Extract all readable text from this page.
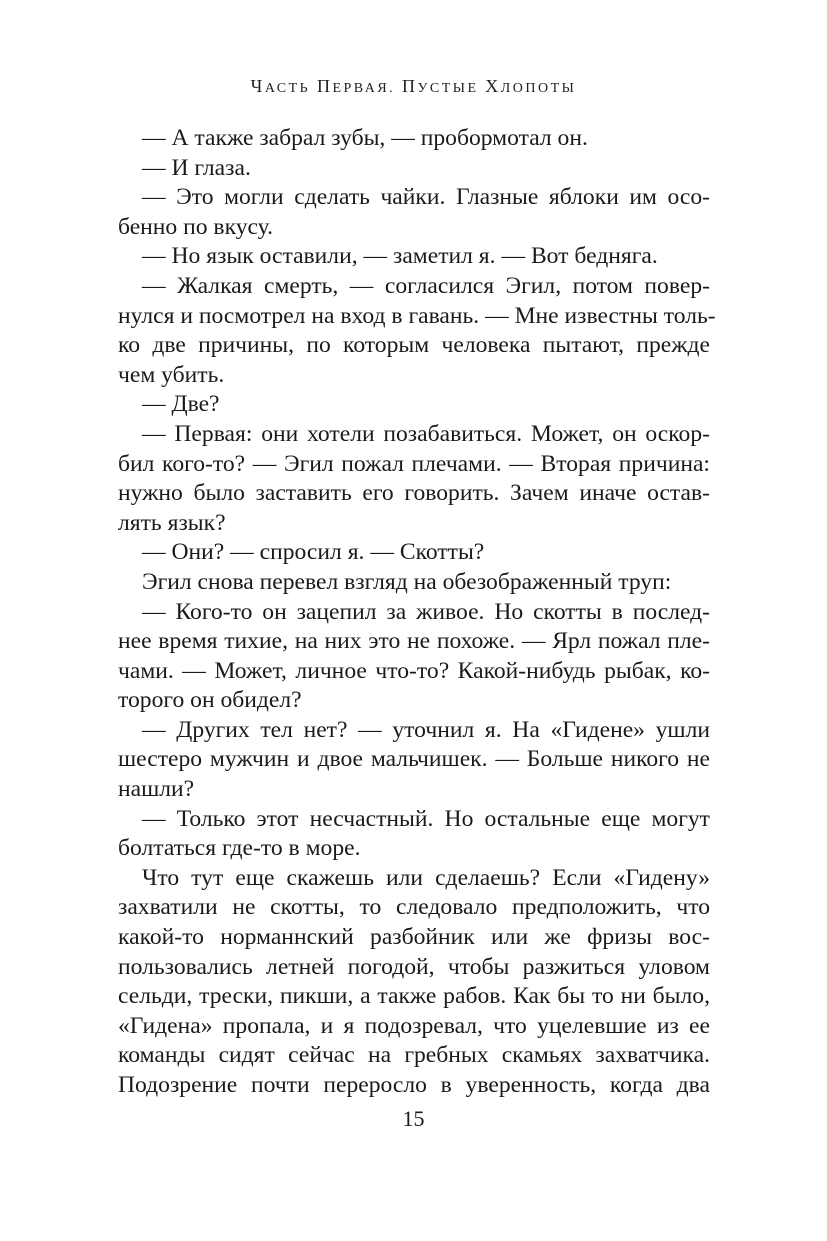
ЧАСТЬ ПЕРВАЯ. ПУСТЫЕ ХЛОПОТЫ
— А также забрал зубы, — пробормотал он.
— И глаза.
— Это могли сделать чайки. Глазные яблоки им осо-
бенно по вкусу.
— Но язык оставили, — заметил я. — Вот бедняга.
— Жалкая смерть, — согласился Эгил, потом повер-
нулся и посмотрел на вход в гавань. — Мне известны толь-
ко две причины, по которым человека пытают, прежде
чем убить.
— Две?
— Первая: они хотели позабавиться. Может, он оскор-
бил кого-то? — Эгил пожал плечами. — Вторая причина:
нужно было заставить его говорить. Зачем иначе остав-
лять язык?
— Они? — спросил я. — Скотты?
Эгил снова перевел взгляд на обезображенный труп:
— Кого-то он зацепил за живое. Но скотты в послед-
нее время тихие, на них это не похоже. — Ярл пожал пле-
чами. — Может, личное что-то? Какой-нибудь рыбак, ко-
торого он обидел?
— Других тел нет? — уточнил я. На «Гидене» ушли
шестеро мужчин и двое мальчишек. — Больше никого не
нашли?
— Только этот несчастный. Но остальные еще могут
болтаться где-то в море.
Что тут еще скажешь или сделаешь? Если «Гидену»
захватили не скотты, то следовало предположить, что
какой-то норманнский разбойник или же фризы вос-
пользовались летней погодой, чтобы разжиться уловом
сельди, трески, пикши, а также рабов. Как бы то ни было,
«Гидена» пропала, и я подозревал, что уцелевшие из ее
команды сидят сейчас на гребных скамьях захватчика.
Подозрение почти переросло в уверенность, когда два
15
